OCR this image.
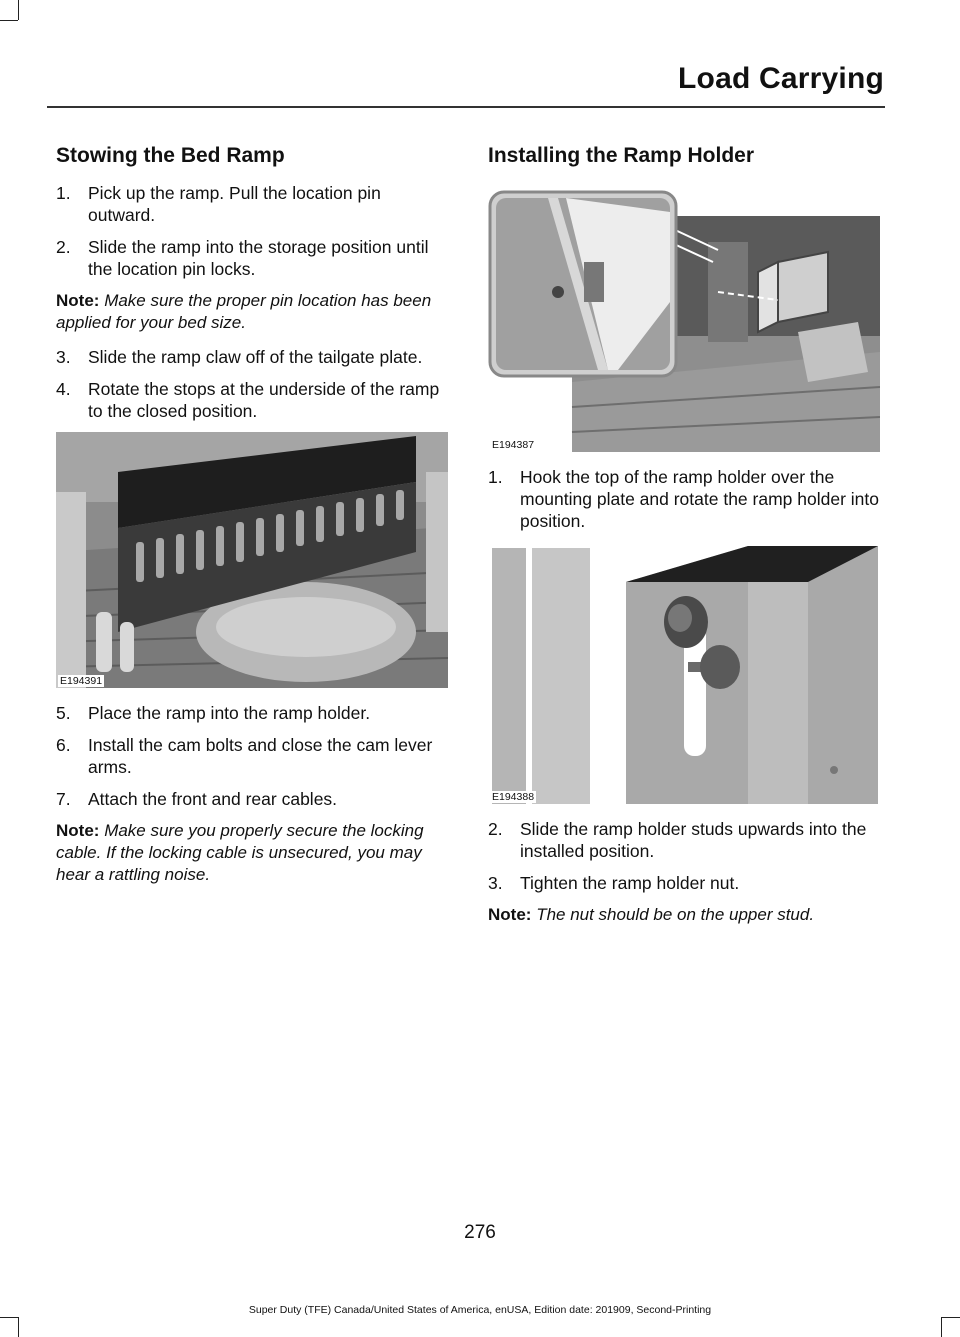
Load Carrying
Stowing the Bed Ramp
1. Pick up the ramp. Pull the location pin outward.
2. Slide the ramp into the storage position until the location pin locks.

Note: Make sure the proper pin location has been applied for your bed size.

3. Slide the ramp claw off of the tailgate plate.
4. Rotate the stops at the underside of the ramp to the closed position.
E194391
5. Place the ramp into the ramp holder.
6. Install the cam bolts and close the cam lever arms.
7. Attach the front and rear cables.

Note: Make sure you properly secure the locking cable. If the locking cable is unsecured, you may hear a rattling noise.

Installing the Ramp Holder
E194387
1. Hook the top of the ramp holder over the mounting plate and rotate the ramp holder into position.
E194388
2. Slide the ramp holder studs upwards into the installed position.
3. Tighten the ramp holder nut.

Note: The nut should be on the upper stud.

276
Super Duty (TFE) Canada/United States of America, enUSA, Edition date: 201909, Second-Printing
